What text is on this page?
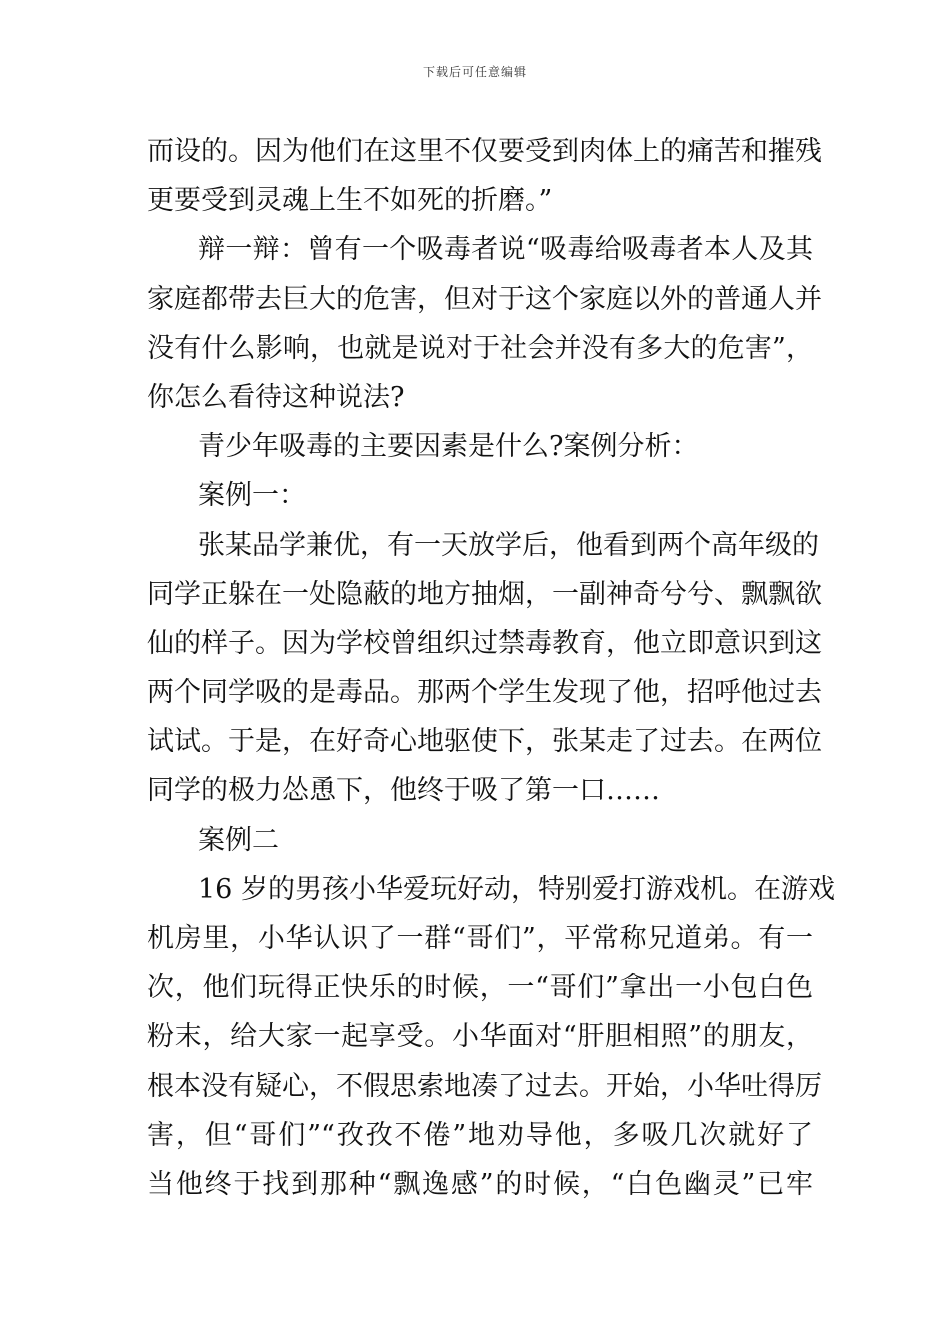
下载后可任意编辑
而设的。因为他们在这里不仅要受到肉体上的痛苦和摧残
更要受到灵魂上生不如死的折磨。”
辩一辩：曾有一个吸毒者说“吸毒给吸毒者本人及其
家庭都带去巨大的危害，但对于这个家庭以外的普通人并
没有什么影响，也就是说对于社会并没有多大的危害”，
你怎么看待这种说法?
青少年吸毒的主要因素是什么?案例分析：
案例一：
张某品学兼优，有一天放学后，他看到两个高年级的
同学正躲在一处隐蔽的地方抽烟，一副神奇兮兮、飘飘欲
仙的样子。因为学校曾组织过禁毒教育，他立即意识到这
两个同学吸的是毒品。那两个学生发现了他，招呼他过去
试试。于是，在好奇心地驱使下，张某走了过去。在两位
同学的极力怂恿下，他终于吸了第一口……
案例二
16 岁的男孩小华爱玩好动，特别爱打游戏机。在游戏
机房里，小华认识了一群“哥们”，平常称兄道弟。有一
次，他们玩得正快乐的时候，一“哥们”拿出一小包白色
粉末，给大家一起享受。小华面对“肝胆相照”的朋友，
根本没有疑心，不假思索地凑了过去。开始，小华吐得厉
害，但“哥们”“孜孜不倦”地劝导他，多吸几次就好了
当他终于找到那种“飘逸感”的时候，“白色幽灵”已牢
